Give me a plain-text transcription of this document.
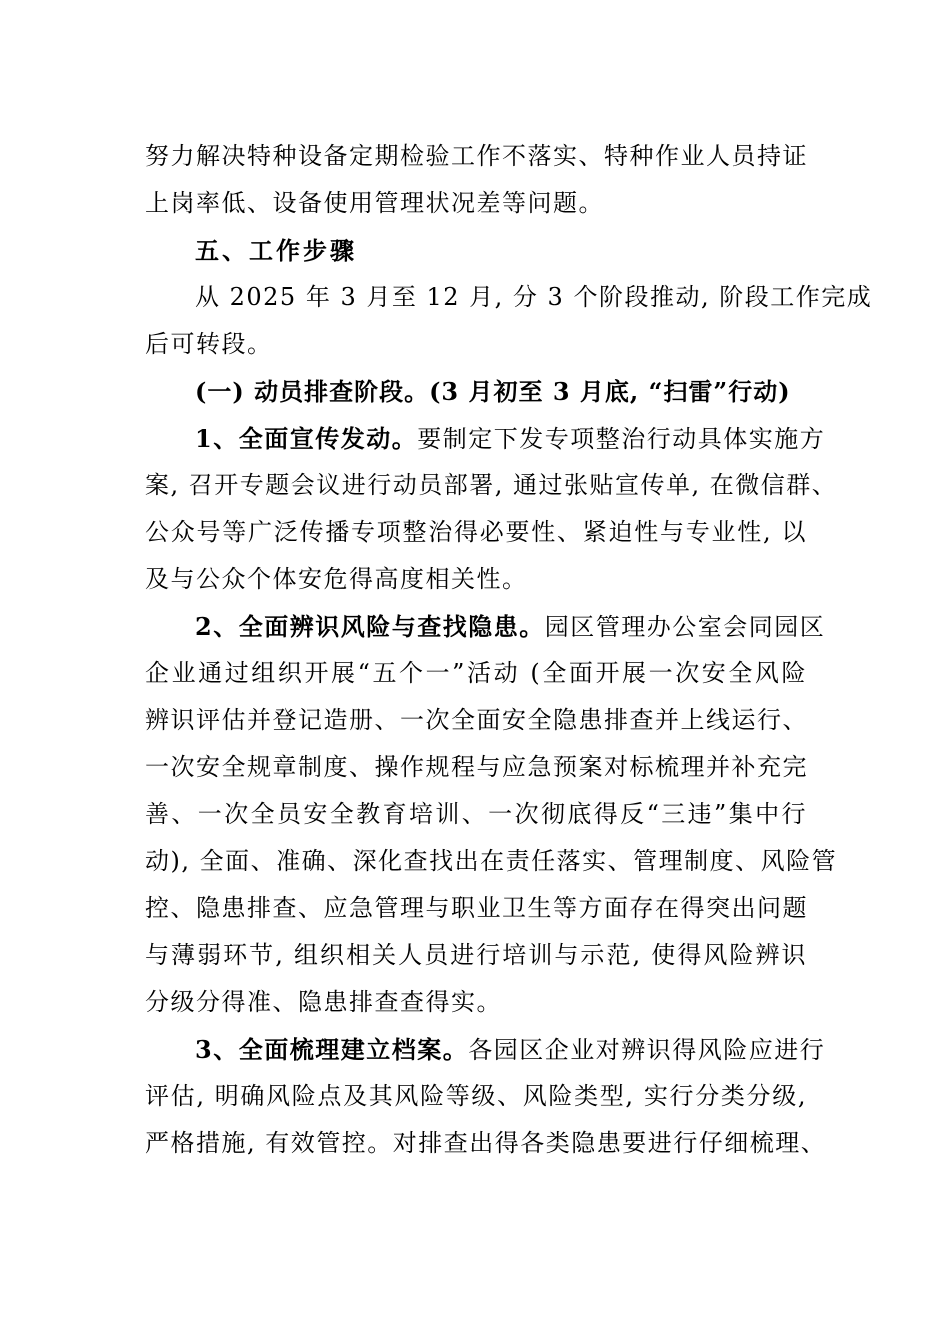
努力解决特种设备定期检验工作不落实、特种作业人员持证
上岗率低、设备使用管理状况差等问题。
五、工作步骤
从 2025 年 3 月至 12 月, 分 3 个阶段推动, 阶段工作完成
后可转段。
(一) 动员排查阶段。(3 月初至 3 月底, “扫雷”行动)
1、全面宣传发动。要制定下发专项整治行动具体实施方
案, 召开专题会议进行动员部署, 通过张贴宣传单, 在微信群、
公众号等广泛传播专项整治得必要性、紧迫性与专业性, 以
及与公众个体安危得高度相关性。
2、全面辨识风险与查找隐患。园区管理办公室会同园区
企业通过组织开展“五个一”活动 (全面开展一次安全风险
辨识评估并登记造册、一次全面安全隐患排查并上线运行、
一次安全规章制度、操作规程与应急预案对标梳理并补充完
善、一次全员安全教育培训、一次彻底得反“三违”集中行
动), 全面、准确、深化查找出在责任落实、管理制度、风险管
控、隐患排查、应急管理与职业卫生等方面存在得突出问题
与薄弱环节, 组织相关人员进行培训与示范, 使得风险辨识
分级分得准、隐患排查查得实。
3、全面梳理建立档案。各园区企业对辨识得风险应进行
评估, 明确风险点及其风险等级、风险类型, 实行分类分级,
严格措施, 有效管控。对排查出得各类隐患要进行仔细梳理、
